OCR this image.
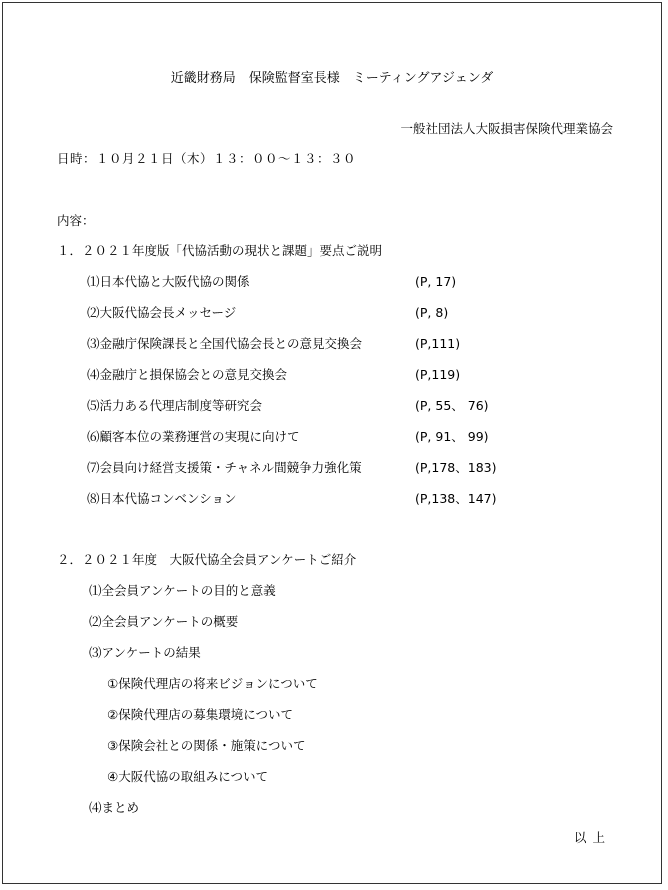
近畿財務局　保険監督室長様　ミーティングアジェンダ
一般社団法人大阪損害保険代理業協会
日時：１０月２１日（木）１３：００～１３：３０
内容：
１．２０２１年度版「代協活動の現状と課題」要点ご説明
⑴日本代協と大阪代協の関係	(P, 17)
⑵大阪代協会長メッセージ	(P, 8)
⑶金融庁保険課長と全国代協会長との意見交換会	(P,111)
⑷金融庁と損保協会との意見交換会	(P,119)
⑸活力ある代理店制度等研究会	(P, 55、 76)
⑹顧客本位の業務運営の実現に向けて	(P, 91、 99)
⑺会員向け経営支援策・チャネル間競争力強化策	(P,178、183)
⑻日本代協コンベンション	(P,138、147)
２．２０２１年度　大阪代協全会員アンケートご紹介
⑴全会員アンケートの目的と意義
⑵全会員アンケートの概要
⑶アンケートの結果
①保険代理店の将来ビジョンについて
②保険代理店の募集環境について
③保険会社との関係・施策について
④大阪代協の取組みについて
⑷まとめ
以上
